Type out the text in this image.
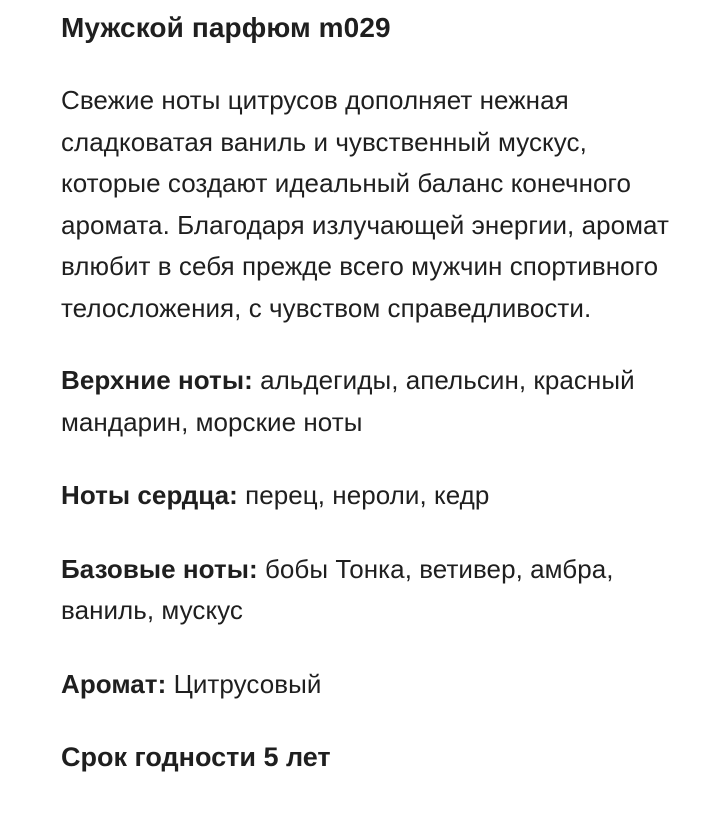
Мужской парфюм m029

Свежие ноты цитрусов дополняет нежная сладковатая ваниль и чувственный мускус, которые создают идеальный баланс конечного аромата. Благодаря излучающей энергии, аромат влюбит в себя прежде всего мужчин спортивного телосложения, с чувством справедливости.

Верхние ноты: альдегиды, апельсин, красный мандарин, морские ноты

Ноты сердца: перец, нероли, кедр

Базовые ноты: бобы Тонка, ветивер, амбра, ваниль, мускус

Аромат: Цитрусовый

Срок годности 5 лет
